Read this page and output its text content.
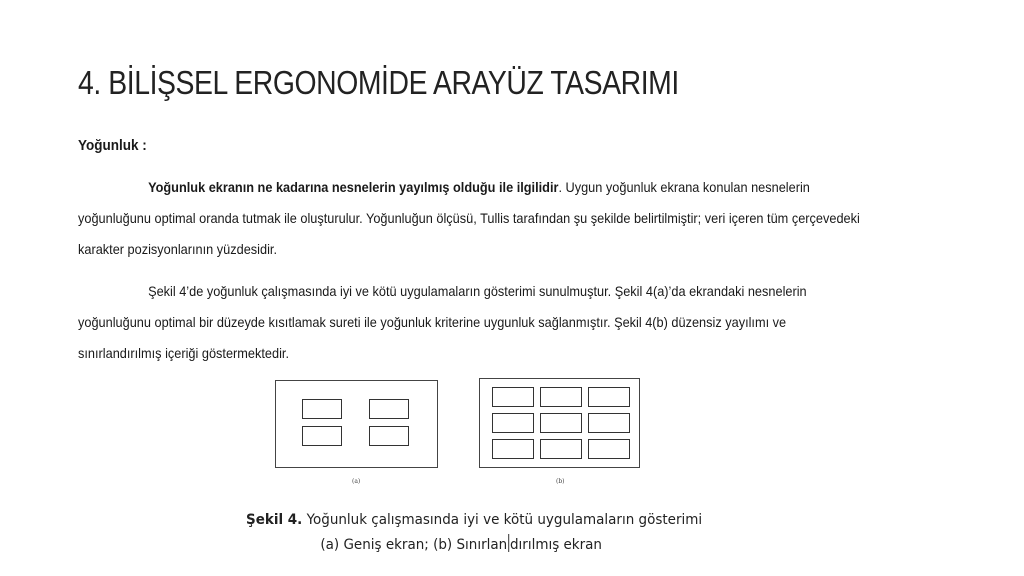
4. BİLİŞSEL ERGONOMİDE ARAYÜZ TASARIMI
Yoğunluk :
Yoğunluk ekranın ne kadarına nesnelerin yayılmış olduğu ile ilgilidir. Uygun yoğunluk ekrana konulan nesnelerin
yoğunluğunu optimal oranda tutmak ile oluşturulur. Yoğunluğun ölçüsü, Tullis tarafından şu şekilde belirtilmiştir; veri içeren tüm çerçevedeki
karakter pozisyonlarının yüzdesidir.
Şekil 4’de yoğunluk çalışmasında iyi ve kötü uygulamaların gösterimi sunulmuştur. Şekil 4(a)’da ekrandaki nesnelerin
yoğunluğunu optimal bir düzeyde kısıtlamak sureti ile yoğunluk kriterine uygunluk sağlanmıştır. Şekil 4(b) düzensiz yayılımı ve
sınırlandırılmış içeriği göstermektedir.
(a)	(b)
Şekil 4. Yoğunluk çalışmasında iyi ve kötü uygulamaların gösterimi
(a) Geniş ekran; (b) Sınırlan dırılmış ekran
